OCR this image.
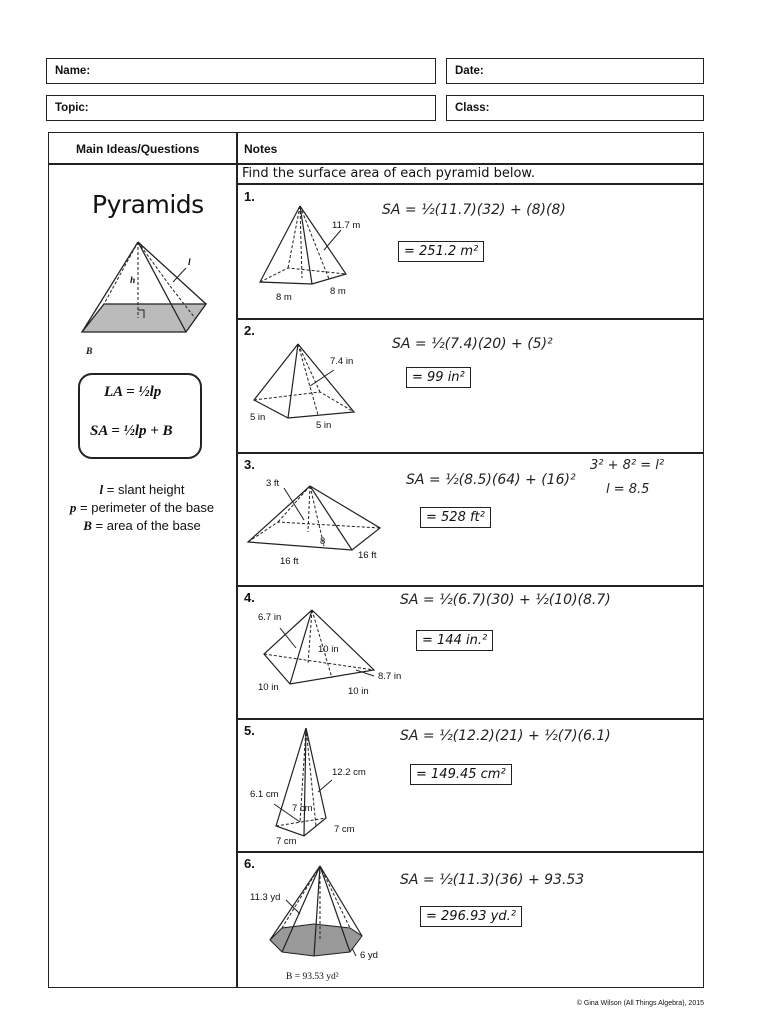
Name:	Date:
Topic:	Class:
Main Ideas/Questions	Notes
Find the surface area of each pyramid below.
Pyramids
h
l
B
LA = ½lp
SA = ½lp + B
l = slant height
p = perimeter of the base
B = area of the base
1.
11.7 m
8 m
8 m
SA = ½(11.7)(32) + (8)(8)
= 251.2 m²
2.
7.4 in
5 in
5 in
SA = ½(7.4)(20) + (5)²
= 99 in²
3.
3 ft
8
16 ft
16 ft
SA = ½(8.5)(64) + (16)²
3² + 8² = l²
l = 8.5
= 528 ft²
4.
6.7 in
10 in
8.7 in
10 in	10 in
SA = ½(6.7)(30) + ½(10)(8.7)
= 144 in.²
5.
12.2 cm
6.1 cm
7 cm
7 cm
7 cm
SA = ½(12.2)(21) + ½(7)(6.1)
= 149.45 cm²
6.
11.3 yd
6 yd
B = 93.53 yd²
SA = ½(11.3)(36) + 93.53
= 296.93 yd.²
© Gina Wilson (All Things Algebra), 2015
